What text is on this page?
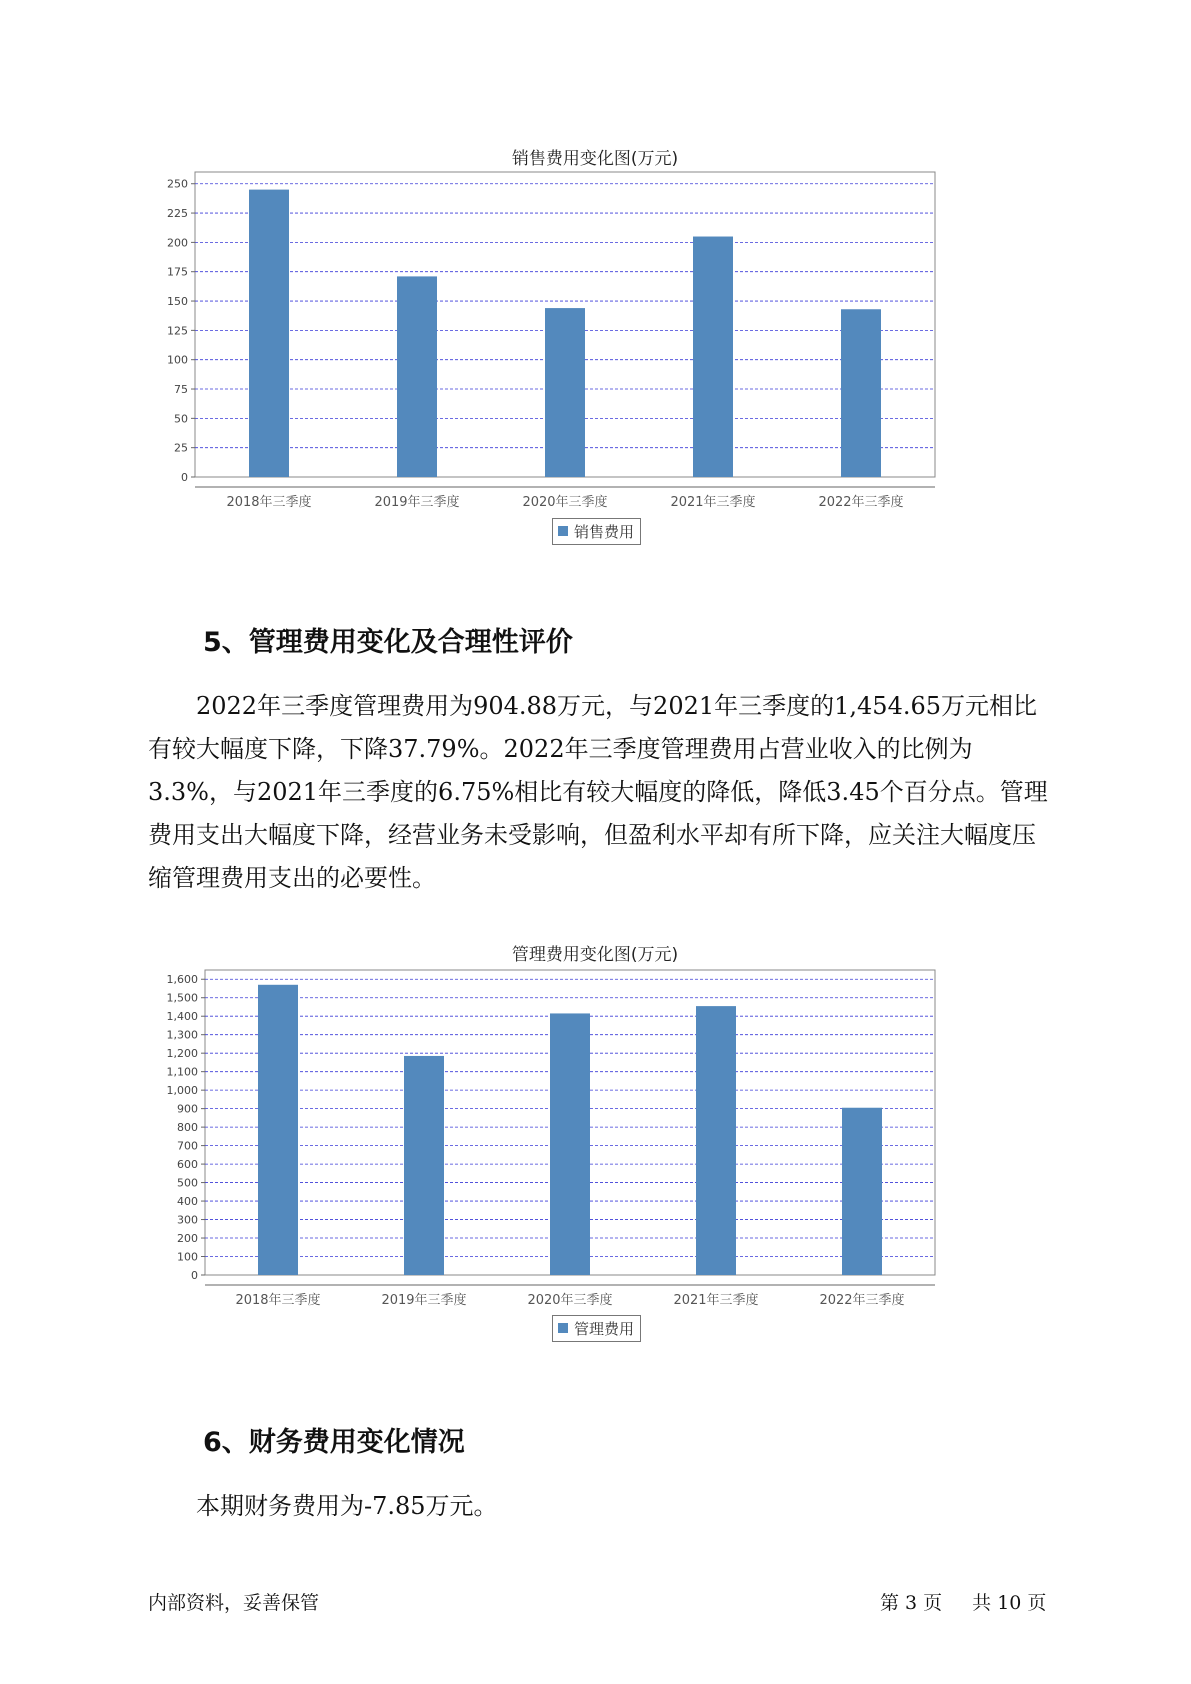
销售费用变化图(万元)
0
25
50
75
100
125
150
175
200
225
250
2018年三季度	2019年三季度	2020年三季度	2021年三季度	2022年三季度
销售费用
5、管理费用变化及合理性评价

2022年三季度管理费用为904.88万元，与2021年三季度的1,454.65万元相比有较大幅度下降，下降37.79%。2022年三季度管理费用占营业收入的比例为3.3%，与2021年三季度的6.75%相比有较大幅度的降低，降低3.45个百分点。管理费用支出大幅度下降，经营业务未受影响，但盈利水平却有所下降，应关注大幅度压缩管理费用支出的必要性。

管理费用变化图(万元)
0
100
200
300
400
500
600
700
800
900
1,000
1,100
1,200
1,300
1,400
1,500
1,600
2018年三季度	2019年三季度	2020年三季度	2021年三季度	2022年三季度
管理费用
6、财务费用变化情况

本期财务费用为-7.85万元。

内部资料，妥善保管	第 3 页 共 10 页
